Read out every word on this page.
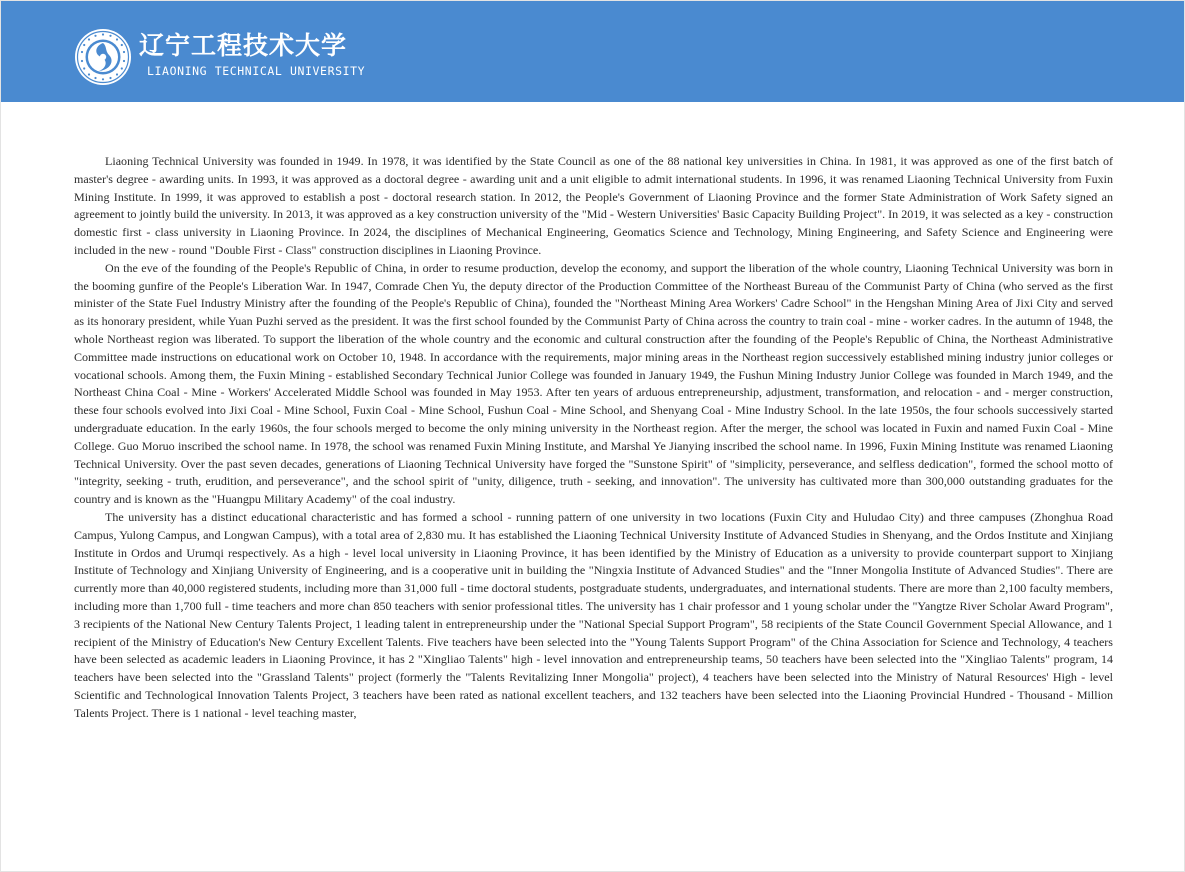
辽宁工程技术大学
LIAONING TECHNICAL UNIVERSITY

Liaoning Technical University was founded in 1949. In 1978, it was identified by the State Council as one of the 88 national key universities in China. In 1981, it was approved as one of the first batch of master's degree - awarding units. In 1993, it was approved as a doctoral degree - awarding unit and a unit eligible to admit international students. In 1996, it was renamed Liaoning Technical University from Fuxin Mining Institute. In 1999, it was approved to establish a post - doctoral research station. In 2012, the People's Government of Liaoning Province and the former State Administration of Work Safety signed an agreement to jointly build the university. In 2013, it was approved as a key construction university of the "Mid - Western Universities' Basic Capacity Building Project". In 2019, it was selected as a key - construction domestic first - class university in Liaoning Province. In 2024, the disciplines of Mechanical Engineering, Geomatics Science and Technology, Mining Engineering, and Safety Science and Engineering were included in the new - round "Double First - Class" construction disciplines in Liaoning Province.

On the eve of the founding of the People's Republic of China, in order to resume production, develop the economy, and support the liberation of the whole country, Liaoning Technical University was born in the booming gunfire of the People's Liberation War. In 1947, Comrade Chen Yu, the deputy director of the Production Committee of the Northeast Bureau of the Communist Party of China (who served as the first minister of the State Fuel Industry Ministry after the founding of the People's Republic of China), founded the "Northeast Mining Area Workers' Cadre School" in the Hengshan Mining Area of Jixi City and served as its honorary president, while Yuan Puzhi served as the president. It was the first school founded by the Communist Party of China across the country to train coal - mine - worker cadres. In the autumn of 1948, the whole Northeast region was liberated. To support the liberation of the whole country and the economic and cultural construction after the founding of the People's Republic of China, the Northeast Administrative Committee made instructions on educational work on October 10, 1948. In accordance with the requirements, major mining areas in the Northeast region successively established mining industry junior colleges or vocational schools. Among them, the Fuxin Mining - established Secondary Technical Junior College was founded in January 1949, the Fushun Mining Industry Junior College was founded in March 1949, and the Northeast China Coal - Mine - Workers' Accelerated Middle School was founded in May 1953. After ten years of arduous entrepreneurship, adjustment, transformation, and relocation - and - merger construction, these four schools evolved into Jixi Coal - Mine School, Fuxin Coal - Mine School, Fushun Coal - Mine School, and Shenyang Coal - Mine Industry School. In the late 1950s, the four schools successively started undergraduate education. In the early 1960s, the four schools merged to become the only mining university in the Northeast region. After the merger, the school was located in Fuxin and named Fuxin Coal - Mine College. Guo Moruo inscribed the school name. In 1978, the school was renamed Fuxin Mining Institute, and Marshal Ye Jianying inscribed the school name. In 1996, Fuxin Mining Institute was renamed Liaoning Technical University. Over the past seven decades, generations of Liaoning Technical University have forged the "Sunstone Spirit" of "simplicity, perseverance, and selfless dedication", formed the school motto of "integrity, seeking - truth, erudition, and perseverance", and the school spirit of "unity, diligence, truth - seeking, and innovation". The university has cultivated more than 300,000 outstanding graduates for the country and is known as the "Huangpu Military Academy" of the coal industry.

The university has a distinct educational characteristic and has formed a school - running pattern of one university in two locations (Fuxin City and Huludao City) and three campuses (Zhonghua Road Campus, Yulong Campus, and Longwan Campus), with a total area of 2,830 mu. It has established the Liaoning Technical University Institute of Advanced Studies in Shenyang, and the Ordos Institute and Xinjiang Institute in Ordos and Urumqi respectively. As a high - level local university in Liaoning Province, it has been identified by the Ministry of Education as a university to provide counterpart support to Xinjiang Institute of Technology and Xinjiang University of Engineering, and is a cooperative unit in building the "Ningxia Institute of Advanced Studies" and the "Inner Mongolia Institute of Advanced Studies". There are currently more than 40,000 registered students, including more than 31,000 full - time doctoral students, postgraduate students, undergraduates, and international students. There are more than 2,100 faculty members, including more than 1,700 full - time teachers and more chan 850 teachers with senior professional titles. The university has 1 chair professor and 1 young scholar under the "Yangtze River Scholar Award Program", 3 recipients of the National New Century Talents Project, 1 leading talent in entrepreneurship under the "National Special Support Program", 58 recipients of the State Council Government Special Allowance, and 1 recipient of the Ministry of Education's New Century Excellent Talents. Five teachers have been selected into the "Young Talents Support Program" of the China Association for Science and Technology, 4 teachers have been selected as academic leaders in Liaoning Province, it has 2 "Xingliao Talents" high - level innovation and entrepreneurship teams, 50 teachers have been selected into the "Xingliao Talents" program, 14 teachers have been selected into the "Grassland Talents" project (formerly the "Talents Revitalizing Inner Mongolia" project), 4 teachers have been selected into the Ministry of Natural Resources' High - level Scientific and Technological Innovation Talents Project, 3 teachers have been rated as national excellent teachers, and 132 teachers have been selected into the Liaoning Provincial Hundred - Thousand - Million Talents Project. There is 1 national - level teaching master,
